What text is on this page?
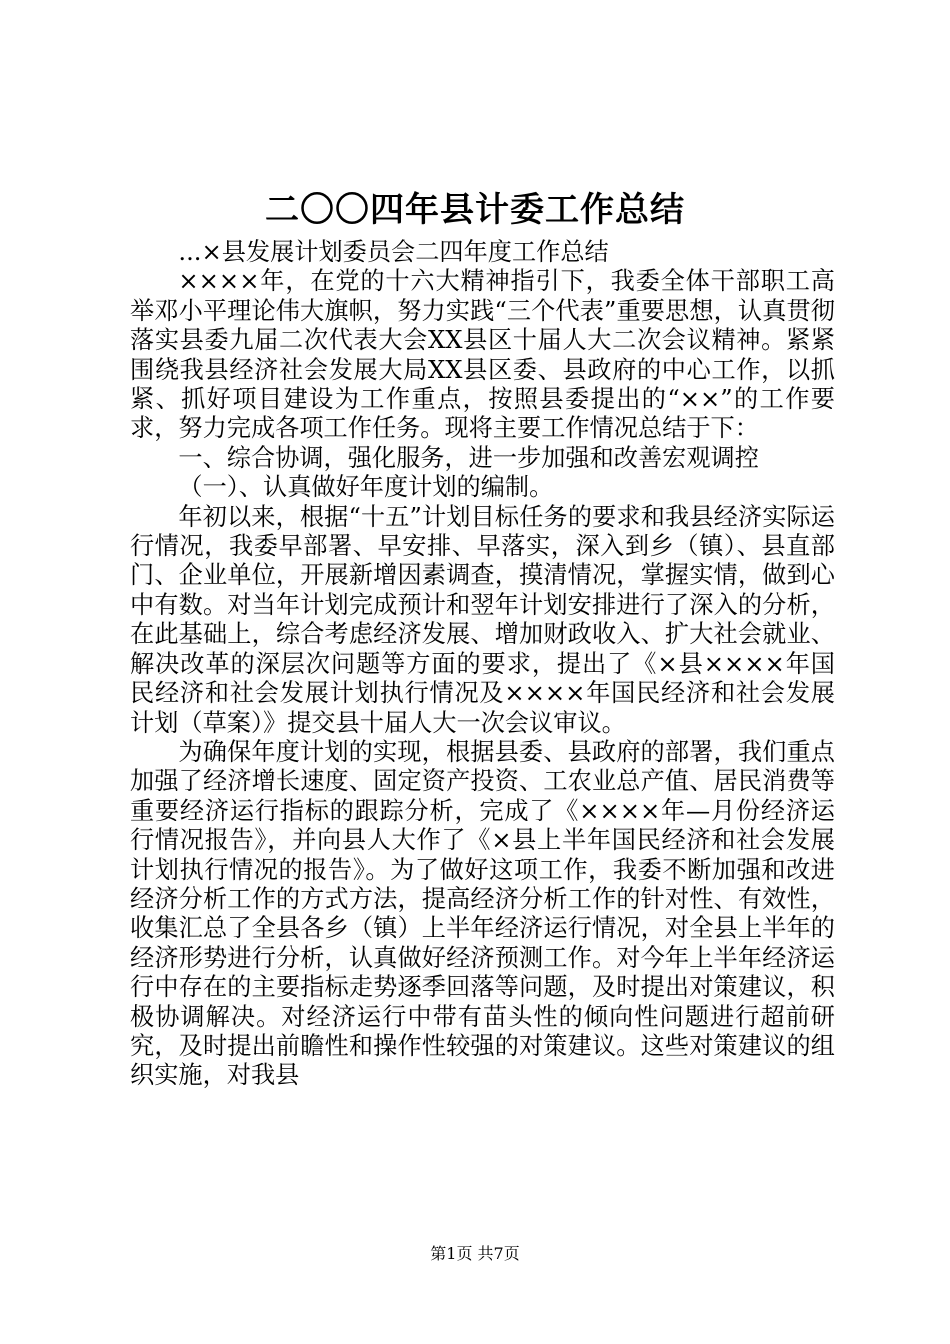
二〇〇四年县计委工作总结

...×县发展计划委员会二四年度工作总结

××××年，在党的十六大精神指引下，我委全体干部职工高举邓小平理论伟大旗帜，努力实践“三个代表”重要思想，认真贯彻落实县委九届二次代表大会XX县区十届人大二次会议精神。紧紧围绕我县经济社会发展大局XX县区委、县政府的中心工作，以抓紧、抓好项目建设为工作重点，按照县委提出的“××”的工作要求，努力完成各项工作任务。现将主要工作情况总结于下：

一、综合协调，强化服务，进一步加强和改善宏观调控

（一）、认真做好年度计划的编制。

年初以来，根据“十五”计划目标任务的要求和我县经济实际运行情况，我委早部署、早安排、早落实，深入到乡（镇）、县直部门、企业单位，开展新增因素调查，摸清情况，掌握实情，做到心中有数。对当年计划完成预计和翌年计划安排进行了深入的分析，在此基础上，综合考虑经济发展、增加财政收入、扩大社会就业、解决改革的深层次问题等方面的要求，提出了《×县××××年国民经济和社会发展计划执行情况及××××年国民经济和社会发展计划（草案）》提交县十届人大一次会议审议。

为确保年度计划的实现，根据县委、县政府的部署，我们重点加强了经济增长速度、固定资产投资、工农业总产值、居民消费等重要经济运行指标的跟踪分析，完成了《××××年—月份经济运行情况报告》，并向县人大作了《×县上半年国民经济和社会发展计划执行情况的报告》。为了做好这项工作，我委不断加强和改进经济分析工作的方式方法，提高经济分析工作的针对性、有效性，收集汇总了全县各乡（镇）上半年经济运行情况，对全县上半年的经济形势进行分析，认真做好经济预测工作。对今年上半年经济运行中存在的主要指标走势逐季回落等问题，及时提出对策建议，积极协调解决。对经济运行中带有苗头性的倾向性问题进行超前研究，及时提出前瞻性和操作性较强的对策建议。这些对策建议的组织实施，对我县

第1页 共7页
